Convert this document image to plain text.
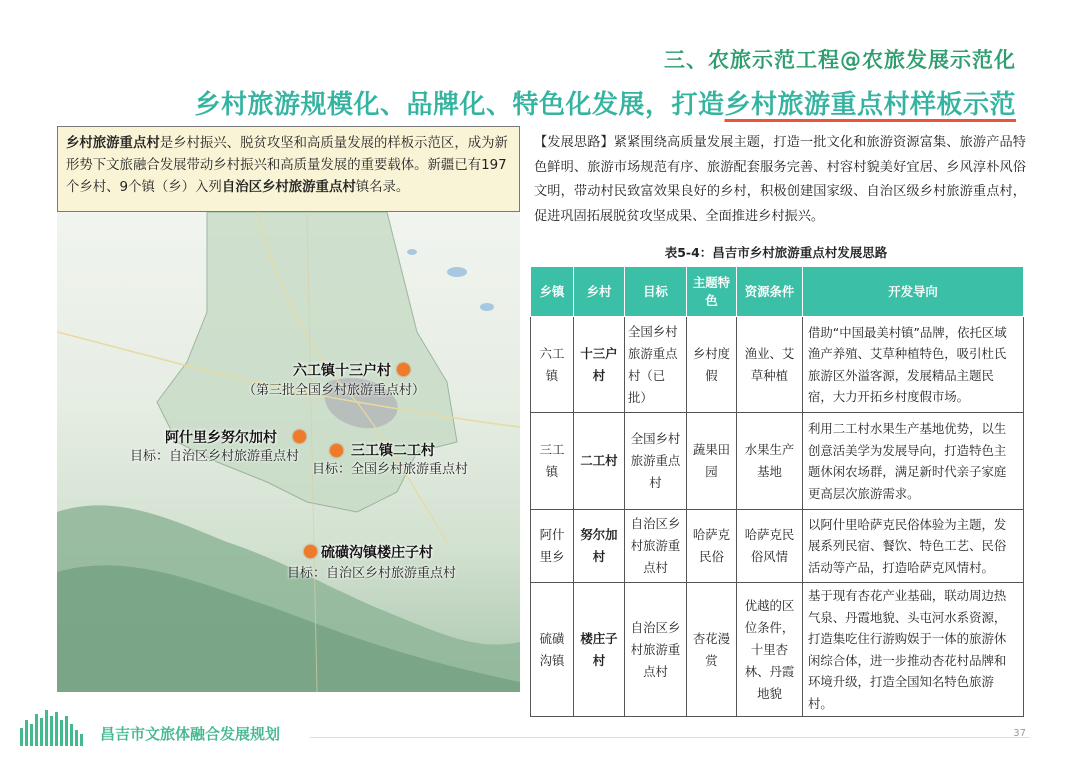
三、农旅示范工程@农旅发展示范化
乡村旅游规模化、品牌化、特色化发展，打造乡村旅游重点村样板示范
六工镇十三户村
（第三批全国乡村旅游重点村）
阿什里乡努尔加村
目标：自治区乡村旅游重点村	三工镇二工村
目标：全国乡村旅游重点村
硫磺沟镇楼庄子村
目标：自治区乡村旅游重点村
乡村旅游重点村是乡村振兴、脱贫攻坚和高质量发展的样板示范区，成为新形势下文旅融合发展带动乡村振兴和高质量发展的重要载体。新疆已有197个乡村、9个镇（乡）入列自治区乡村旅游重点村镇名录。
【发展思路】紧紧围绕高质量发展主题，打造一批文化和旅游资源富集、旅游产品特色鲜明、旅游市场规范有序、旅游配套服务完善、村容村貌美好宜居、乡风淳朴风俗文明，带动村民致富效果良好的乡村，积极创建国家级、自治区级乡村旅游重点村，促进巩固拓展脱贫攻坚成果、全面推进乡村振兴。
表5-4：昌吉市乡村旅游重点村发展思路
乡镇	乡村	目标	主题特色	资源条件	开发导向
六工镇	十三户村	全国乡村旅游重点村（已批）	乡村度假	渔业、艾草种植	借助“中国最美村镇”品牌，依托区域渔产养殖、艾草种植特色，吸引杜氏旅游区外溢客源，发展精品主题民宿，大力开拓乡村度假市场。
三工镇	二工村	全国乡村旅游重点村	蔬果田园	水果生产基地	利用二工村水果生产基地优势，以生创意活美学为发展导向，打造特色主题休闲农场群，满足新时代亲子家庭更高层次旅游需求。
阿什里乡	努尔加村	自治区乡村旅游重点村	哈萨克民俗	哈萨克民俗风情	以阿什里哈萨克民俗体验为主题，发展系列民宿、餐饮、特色工艺、民俗活动等产品，打造哈萨克风情村。
硫磺沟镇	楼庄子村	自治区乡村旅游重点村	杏花漫赏	优越的区位条件，十里杏林、丹霞地貌	基于现有杏花产业基础，联动周边热气泉、丹霞地貌、头屯河水系资源，打造集吃住行游购娱于一体的旅游休闲综合体，进一步推动杏花村品牌和环境升级，打造全国知名特色旅游村。
昌吉市文旅体融合发展规划	37
